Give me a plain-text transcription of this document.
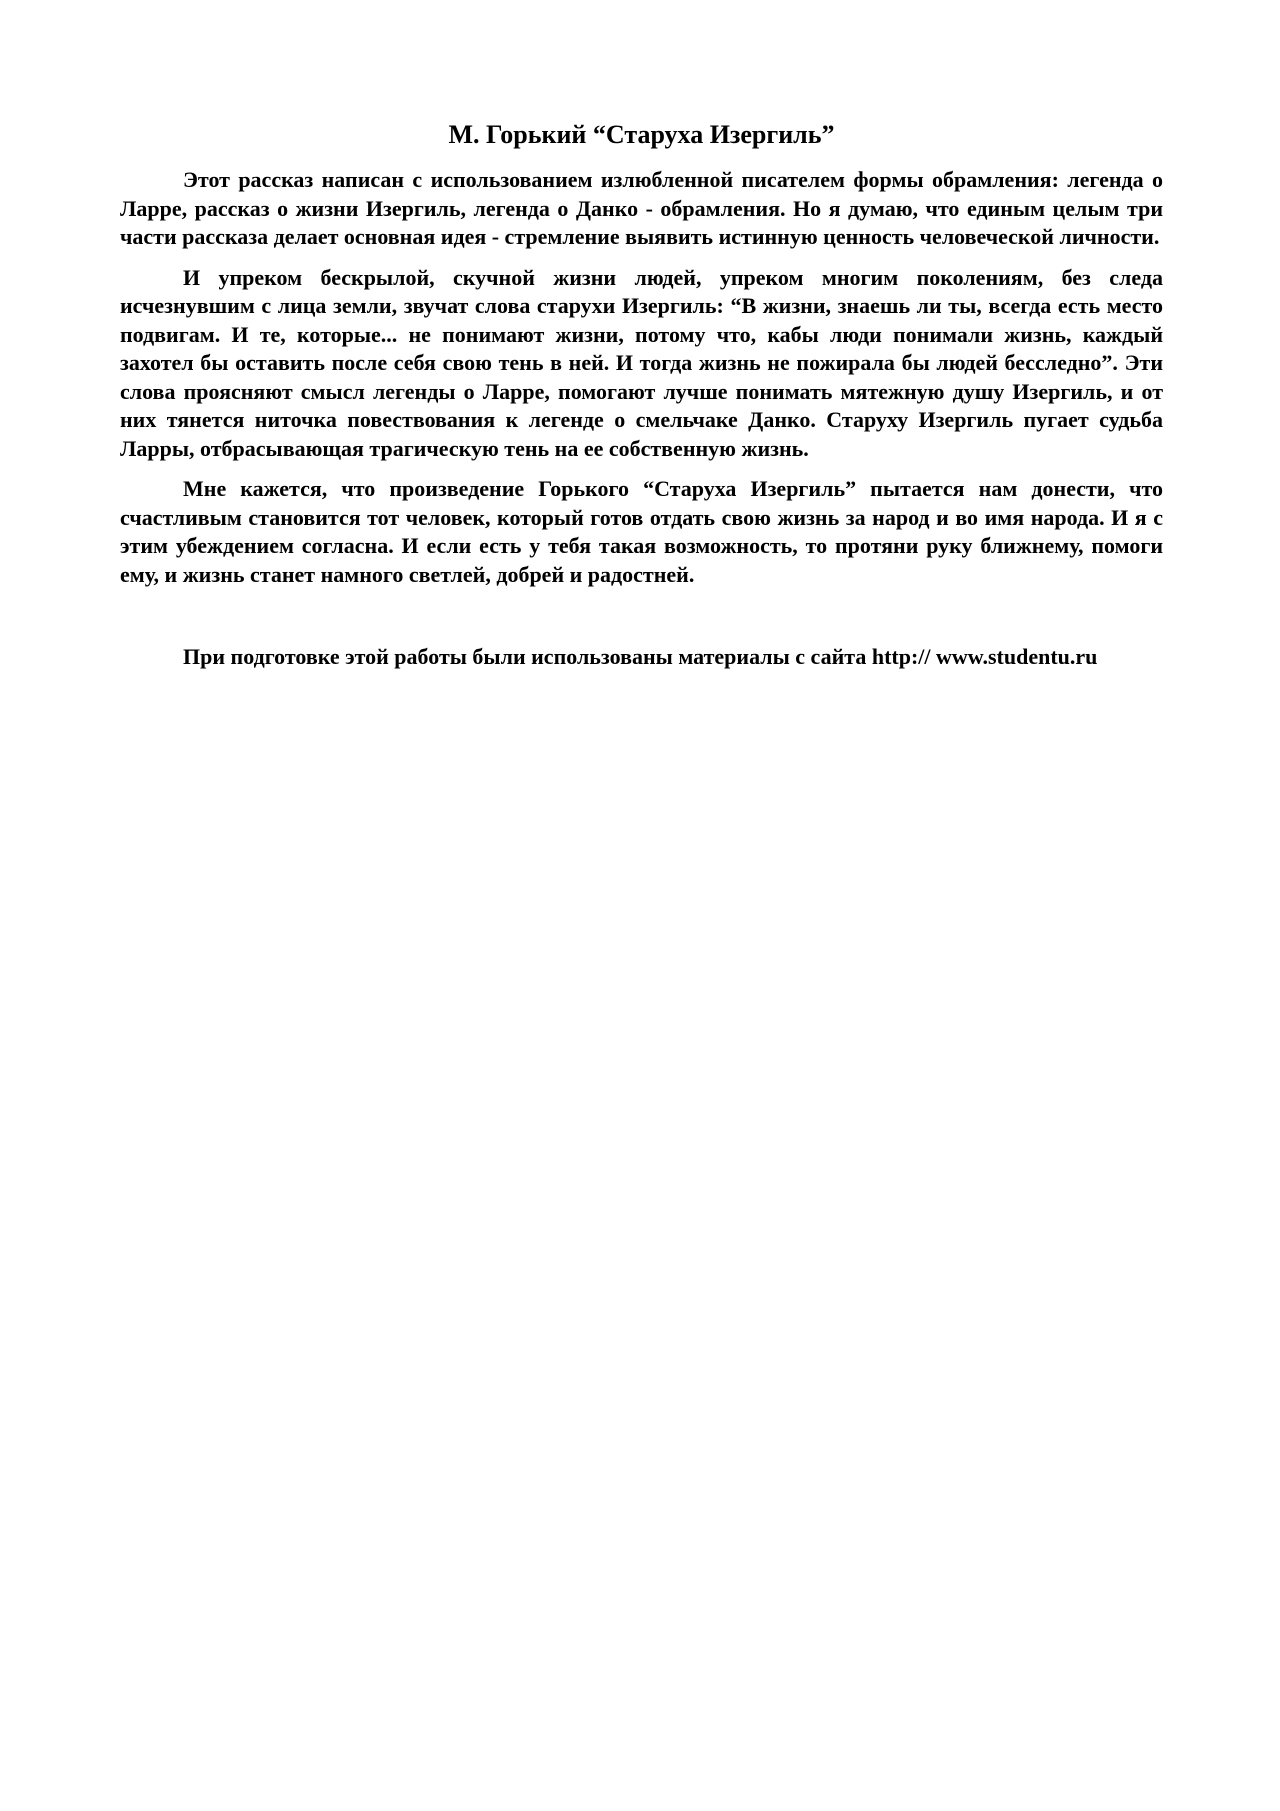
М. Горький “Старуха Изергиль”

Этот рассказ написан с использованием излюбленной писателем формы обрамления: легенда о Ларре, рассказ о жизни Изергиль, легенда о Данко - обрамления. Но я думаю, что единым целым три части рассказа делает основная идея - стремление выявить истинную ценность человеческой личности.

И упреком бескрылой, скучной жизни людей, упреком многим поколениям, без следа исчезнувшим с лица земли, звучат слова старухи Изергиль: “В жизни, знаешь ли ты, всегда есть место подвигам. И те, которые... не понимают жизни, потому что, кабы люди понимали жизнь, каждый захотел бы оставить после себя свою тень в ней. И тогда жизнь не пожирала бы людей бесследно”. Эти слова проясняют смысл легенды о Ларре, помогают лучше понимать мятежную душу Изергиль, и от них тянется ниточка повествования к легенде о смельчаке Данко. Старуху Изергиль пугает судьба Ларры, отбрасывающая трагическую тень на ее собственную жизнь.

Мне кажется, что произведение Горького “Старуха Изергиль” пытается нам донести, что счастливым становится тот человек, который готов отдать свою жизнь за народ и во имя народа. И я с этим убеждением согласна. И если есть у тебя такая возможность, то протяни руку ближнему, помоги ему, и жизнь станет намного светлей, добрей и радостней.

При подготовке этой работы были использованы материалы с сайта http:// www.studentu.ru
